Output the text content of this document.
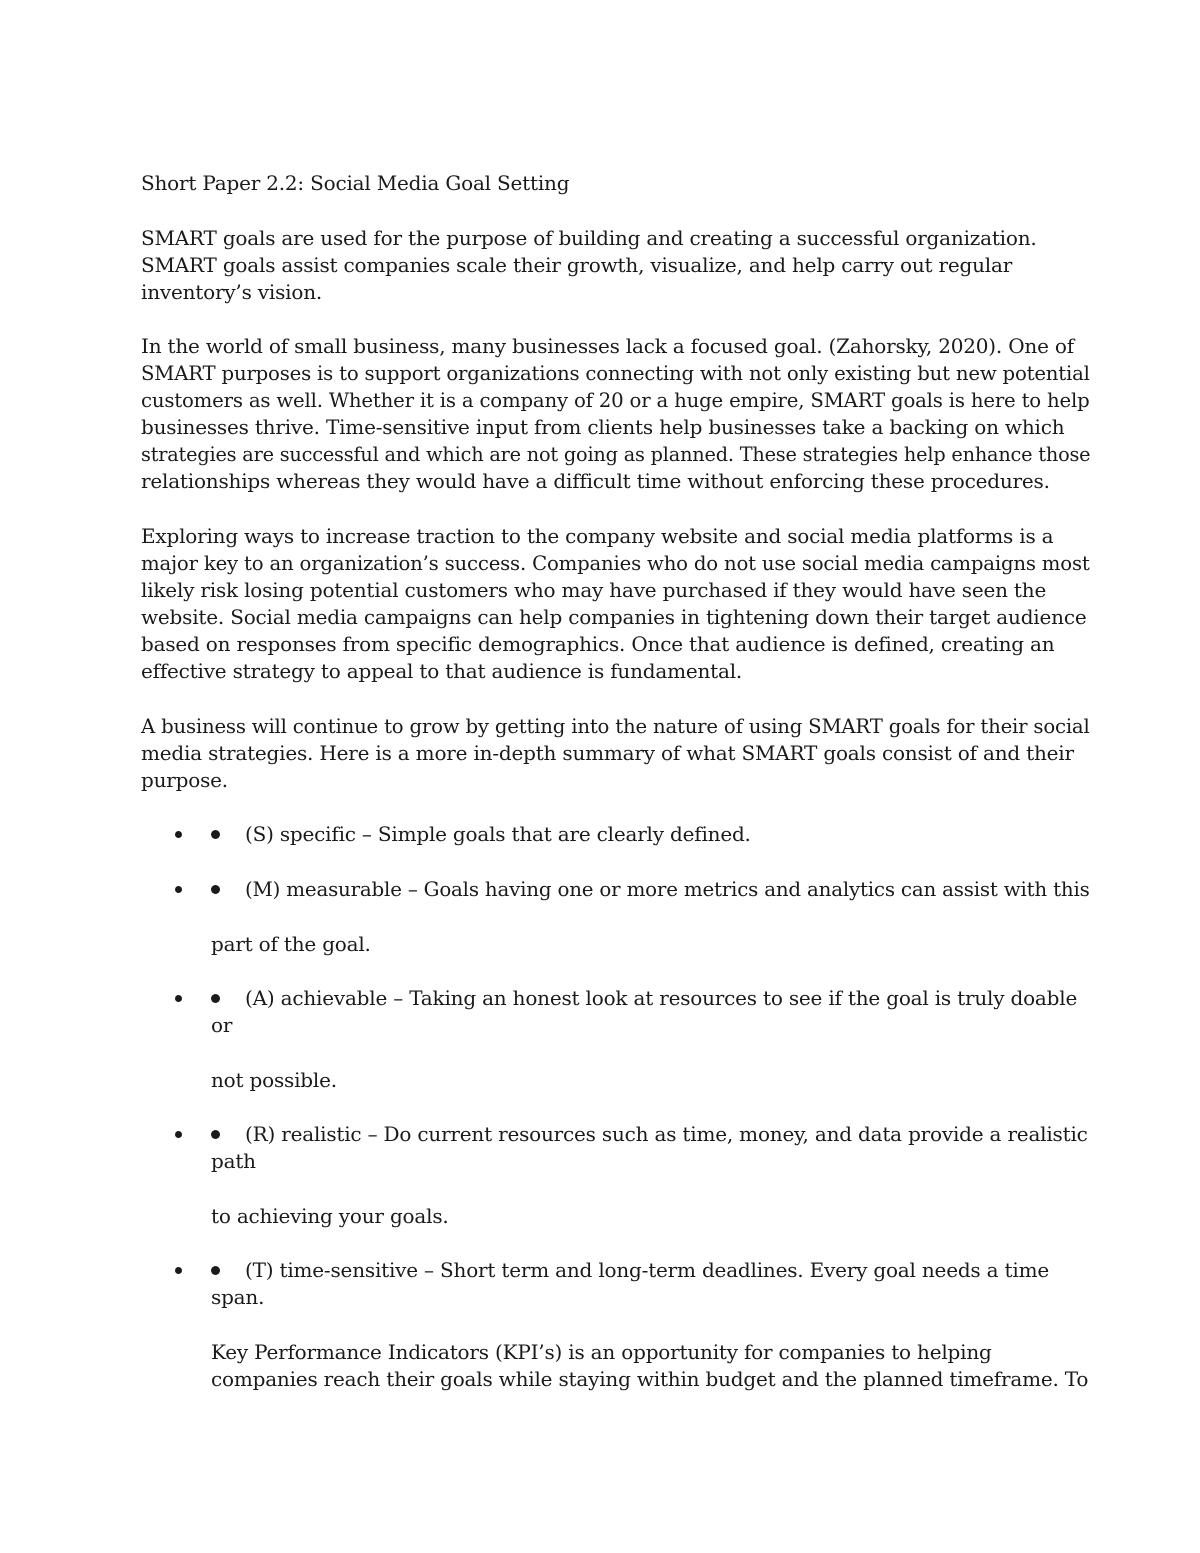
Short Paper 2.2: Social Media Goal Setting
SMART goals are used for the purpose of building and creating a successful organization.
SMART goals assist companies scale their growth, visualize, and help carry out regular
inventory’s vision.
In the world of small business, many businesses lack a focused goal. (Zahorsky, 2020). One of
SMART purposes is to support organizations connecting with not only existing but new potential
customers as well. Whether it is a company of 20 or a huge empire, SMART goals is here to help
businesses thrive. Time-sensitive input from clients help businesses take a backing on which
strategies are successful and which are not going as planned. These strategies help enhance those
relationships whereas they would have a difficult time without enforcing these procedures.
Exploring ways to increase traction to the company website and social media platforms is a
major key to an organization’s success. Companies who do not use social media campaigns most
likely risk losing potential customers who may have purchased if they would have seen the
website. Social media campaigns can help companies in tightening down their target audience
based on responses from specific demographics. Once that audience is defined, creating an
effective strategy to appeal to that audience is fundamental.
A business will continue to grow by getting into the nature of using SMART goals for their social
media strategies. Here is a more in-depth summary of what SMART goals consist of and their
purpose.
(S) specific – Simple goals that are clearly defined.
(M) measurable – Goals having one or more metrics and analytics can assist with this
part of the goal.
(A) achievable – Taking an honest look at resources to see if the goal is truly doable
or
not possible.
(R) realistic – Do current resources such as time, money, and data provide a realistic
path
to achieving your goals.
(T) time-sensitive – Short term and long-term deadlines. Every goal needs a time
span.
Key Performance Indicators (KPI’s) is an opportunity for companies to helping
companies reach their goals while staying within budget and the planned timeframe. To
